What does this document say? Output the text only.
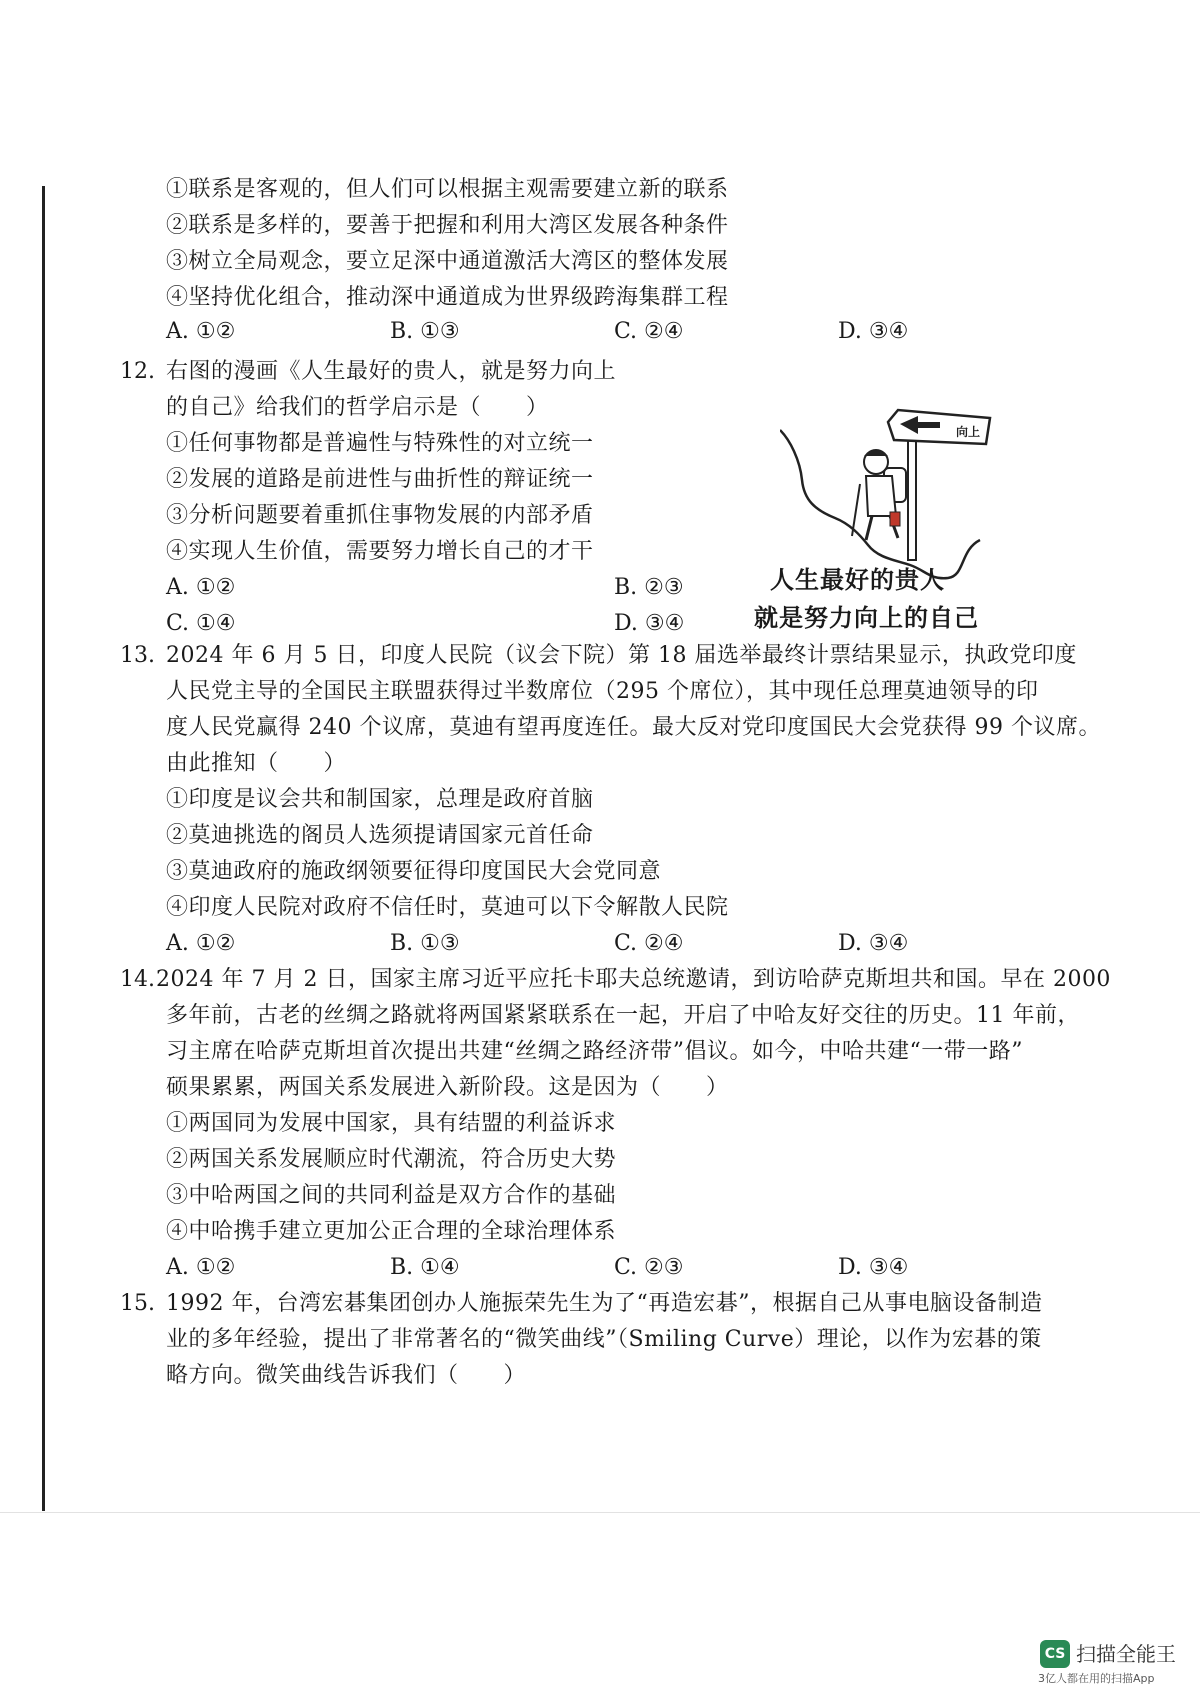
①联系是客观的，但人们可以根据主观需要建立新的联系
②联系是多样的，要善于把握和利用大湾区发展各种条件
③树立全局观念，要立足深中通道激活大湾区的整体发展
④坚持优化组合，推动深中通道成为世界级跨海集群工程
A. ①②	B. ①③	C. ②④	D. ③④
12. 右图的漫画《人生最好的贵人，就是努力向上
的自己》给我们的哲学启示是（　　）
①任何事物都是普遍性与特殊性的对立统一
②发展的道路是前进性与曲折性的辩证统一
③分析问题要着重抓住事物发展的内部矛盾
④实现人生价值，需要努力增长自己的才干
A. ①②	B. ②③
C. ①④	D. ③④
向上
人生最好的贵人
就是努力向上的自己
13. 2024 年 6 月 5 日，印度人民院（议会下院）第 18 届选举最终计票结果显示，执政党印度
人民党主导的全国民主联盟获得过半数席位（295 个席位），其中现任总理莫迪领导的印
度人民党赢得 240 个议席，莫迪有望再度连任。最大反对党印度国民大会党获得 99 个议席。
由此推知（　　）
①印度是议会共和制国家，总理是政府首脑
②莫迪挑选的阁员人选须提请国家元首任命
③莫迪政府的施政纲领要征得印度国民大会党同意
④印度人民院对政府不信任时，莫迪可以下令解散人民院
A. ①②	B. ①③	C. ②④	D. ③④
14. 2024 年 7 月 2 日，国家主席习近平应托卡耶夫总统邀请，到访哈萨克斯坦共和国。早在 2000
多年前，古老的丝绸之路就将两国紧紧联系在一起，开启了中哈友好交往的历史。11 年前，
习主席在哈萨克斯坦首次提出共建“丝绸之路经济带”倡议。如今，中哈共建“一带一路”
硕果累累，两国关系发展进入新阶段。这是因为（　　）
①两国同为发展中国家，具有结盟的利益诉求
②两国关系发展顺应时代潮流，符合历史大势
③中哈两国之间的共同利益是双方合作的基础
④中哈携手建立更加公正合理的全球治理体系
A. ①②	B. ①④	C. ②③	D. ③④
15. 1992 年，台湾宏碁集团创办人施振荣先生为了“再造宏碁”，根据自己从事电脑设备制造
业的多年经验，提出了非常著名的“微笑曲线”（Smiling Curve）理论，以作为宏碁的策
略方向。微笑曲线告诉我们（　　）
CS 扫描全能王
3亿人都在用的扫描App
